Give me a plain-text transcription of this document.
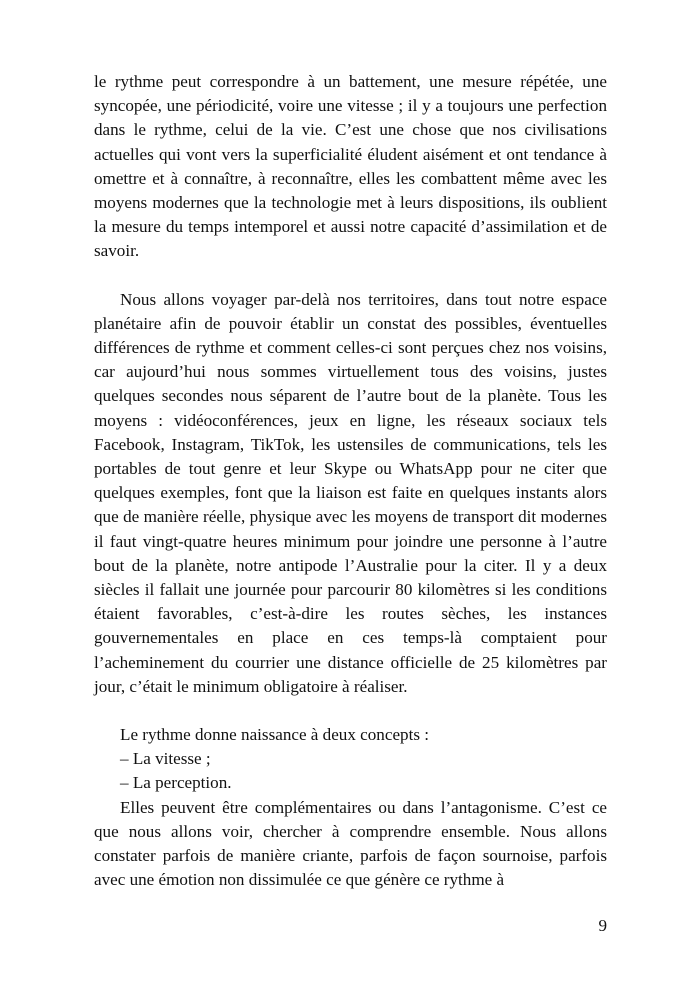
le rythme peut correspondre à un battement, une mesure répétée, une syncopée, une périodicité, voire une vitesse ; il y a toujours une perfection dans le rythme, celui de la vie. C’est une chose que nos civilisations actuelles qui vont vers la superficialité éludent aisément et ont tendance à omettre et à connaître, à reconnaître, elles les combattent même avec les moyens modernes que la technologie met à leurs dispositions, ils oublient la mesure du temps intemporel et aussi notre capacité d’assimilation et de savoir.

Nous allons voyager par-delà nos territoires, dans tout notre espace planétaire afin de pouvoir établir un constat des possibles, éventuelles différences de rythme et comment celles-ci sont perçues chez nos voisins, car aujourd’hui nous sommes virtuellement tous des voisins, justes quelques secondes nous séparent de l’autre bout de la planète. Tous les moyens : vidéoconférences, jeux en ligne, les réseaux sociaux tels Facebook, Instagram, TikTok, les ustensiles de communications, tels les portables de tout genre et leur Skype ou WhatsApp pour ne citer que quelques exemples, font que la liaison est faite en quelques instants alors que de manière réelle, physique avec les moyens de transport dit modernes il faut vingt-quatre heures minimum pour joindre une personne à l’autre bout de la planète, notre antipode l’Australie pour la citer. Il y a deux siècles il fallait une journée pour parcourir 80 kilomètres si les conditions étaient favorables, c’est-à-dire les routes sèches, les instances gouvernementales en place en ces temps-là comptaient pour l’acheminement du courrier une distance officielle de 25 kilomètres par jour, c’était le minimum obligatoire à réaliser.

Le rythme donne naissance à deux concepts :

– La vitesse ;

– La perception.

Elles peuvent être complémentaires ou dans l’antagonisme. C’est ce que nous allons voir, chercher à comprendre ensemble. Nous allons constater parfois de manière criante, parfois de façon sournoise, parfois avec une émotion non dissimulée ce que génère ce rythme à

9
